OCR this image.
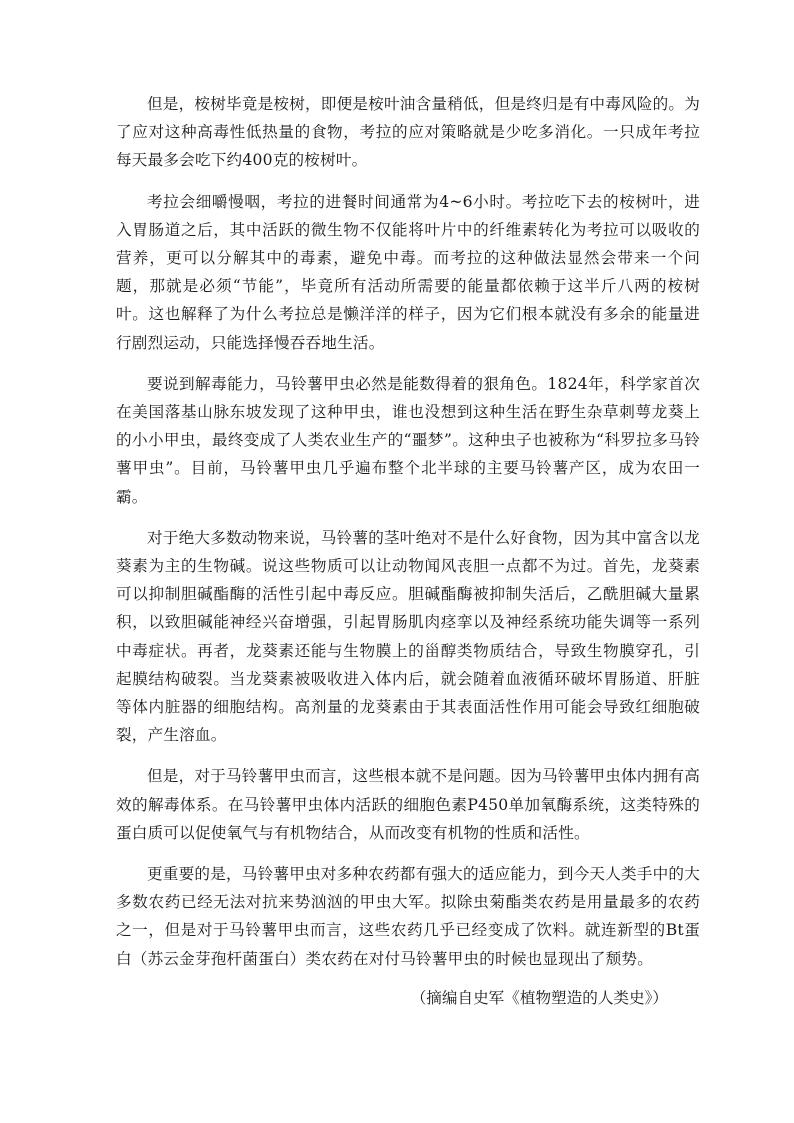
但是，桉树毕竟是桉树，即便是桉叶油含量稍低，但是终归是有中毒风险的。为了应对这种高毒性低热量的食物，考拉的应对策略就是少吃多消化。一只成年考拉每天最多会吃下约400克的桉树叶。

考拉会细嚼慢咽，考拉的进餐时间通常为4~6小时。考拉吃下去的桉树叶，进入胃肠道之后，其中活跃的微生物不仅能将叶片中的纤维素转化为考拉可以吸收的营养，更可以分解其中的毒素，避免中毒。而考拉的这种做法显然会带来一个问题，那就是必须“节能”，毕竟所有活动所需要的能量都依赖于这半斤八两的桉树叶。这也解释了为什么考拉总是懒洋洋的样子，因为它们根本就没有多余的能量进行剧烈运动，只能选择慢吞吞地生活。

要说到解毒能力，马铃薯甲虫必然是能数得着的狠角色。1824年，科学家首次在美国落基山脉东坡发现了这种甲虫，谁也没想到这种生活在野生杂草刺萼龙葵上的小小甲虫，最终变成了人类农业生产的“噩梦”。这种虫子也被称为“科罗拉多马铃薯甲虫”。目前，马铃薯甲虫几乎遍布整个北半球的主要马铃薯产区，成为农田一霸。

对于绝大多数动物来说，马铃薯的茎叶绝对不是什么好食物，因为其中富含以龙葵素为主的生物碱。说这些物质可以让动物闻风丧胆一点都不为过。首先，龙葵素可以抑制胆碱酯酶的活性引起中毒反应。胆碱酯酶被抑制失活后，乙酰胆碱大量累积，以致胆碱能神经兴奋增强，引起胃肠肌肉痉挛以及神经系统功能失调等一系列中毒症状。再者，龙葵素还能与生物膜上的甾醇类物质结合，导致生物膜穿孔，引起膜结构破裂。当龙葵素被吸收进入体内后，就会随着血液循环破坏胃肠道、肝脏等体内脏器的细胞结构。高剂量的龙葵素由于其表面活性作用可能会导致红细胞破裂，产生溶血。

但是，对于马铃薯甲虫而言，这些根本就不是问题。因为马铃薯甲虫体内拥有高效的解毒体系。在马铃薯甲虫体内活跃的细胞色素P450单加氧酶系统，这类特殊的蛋白质可以促使氧气与有机物结合，从而改变有机物的性质和活性。

更重要的是，马铃薯甲虫对多种农药都有强大的适应能力，到今天人类手中的大多数农药已经无法对抗来势汹汹的甲虫大军。拟除虫菊酯类农药是用量最多的农药之一，但是对于马铃薯甲虫而言，这些农药几乎已经变成了饮料。就连新型的Bt蛋白（苏云金芽孢杆菌蛋白）类农药在对付马铃薯甲虫的时候也显现出了颓势。

（摘编自史军《植物塑造的人类史》）
